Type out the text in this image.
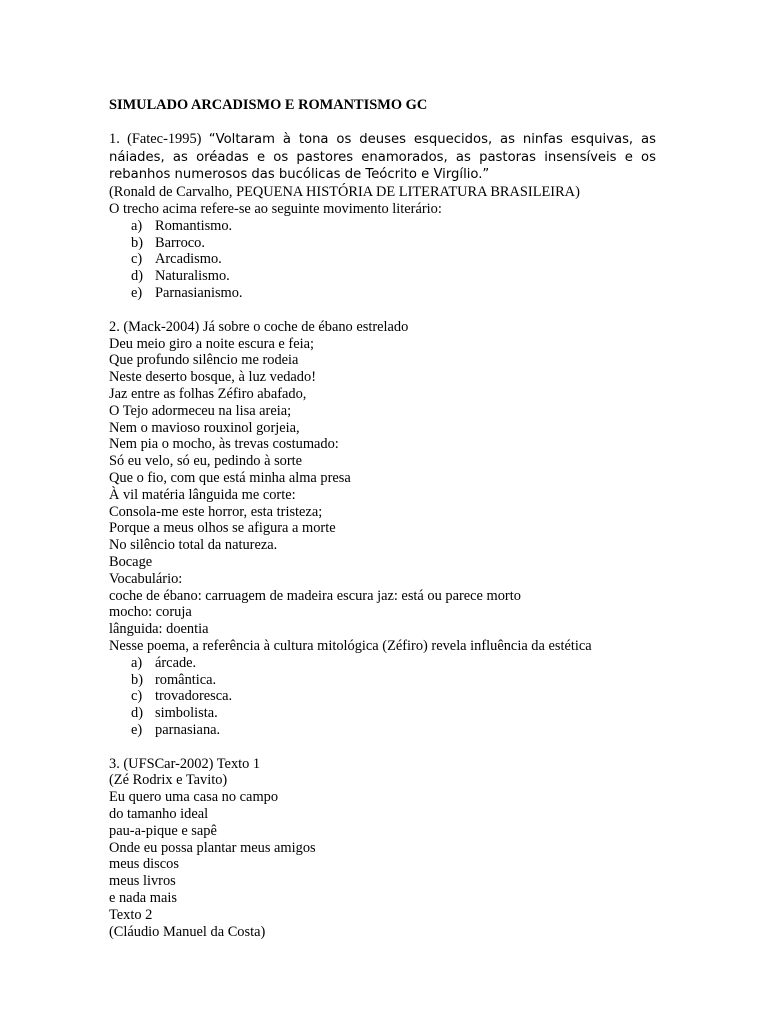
SIMULADO ARCADISMO E ROMANTISMO GC

1. (Fatec-1995) “Voltaram à tona os deuses esquecidos, as ninfas esquivas, as náiades, as oréadas e os pastores enamorados, as pastoras insensíveis e os rebanhos numerosos das bucólicas de Teócrito e Virgílio.”

(Ronald de Carvalho, PEQUENA HISTÓRIA DE LITERATURA BRASILEIRA)

O trecho acima refere-se ao seguinte movimento literário:

a) Romantismo.
b) Barroco.
c) Arcadismo.
d) Naturalismo.
e) Parnasianismo.

2. (Mack-2004) Já sobre o coche de ébano estrelado

Deu meio giro a noite escura e feia;

Que profundo silêncio me rodeia

Neste deserto bosque, à luz vedado!

Jaz entre as folhas Zéfiro abafado,

O Tejo adormeceu na lisa areia;

Nem o mavioso rouxinol gorjeia,

Nem pia o mocho, às trevas costumado:

Só eu velo, só eu, pedindo à sorte

Que o fio, com que está minha alma presa

À vil matéria lânguida me corte:

Consola-me este horror, esta tristeza;

Porque a meus olhos se afigura a morte

No silêncio total da natureza.

Bocage

Vocabulário:

coche de ébano: carruagem de madeira escura jaz: está ou parece morto

mocho: coruja

lânguida: doentia

Nesse poema, a referência à cultura mitológica (Zéfiro) revela influência da estética

a) árcade.
b) romântica.
c) trovadoresca.
d) simbolista.
e) parnasiana.

3. (UFSCar-2002) Texto 1

(Zé Rodrix e Tavito)

Eu quero uma casa no campo

do tamanho ideal

pau-a-pique e sapê

Onde eu possa plantar meus amigos

meus discos

meus livros

e nada mais

Texto 2

(Cláudio Manuel da Costa)
